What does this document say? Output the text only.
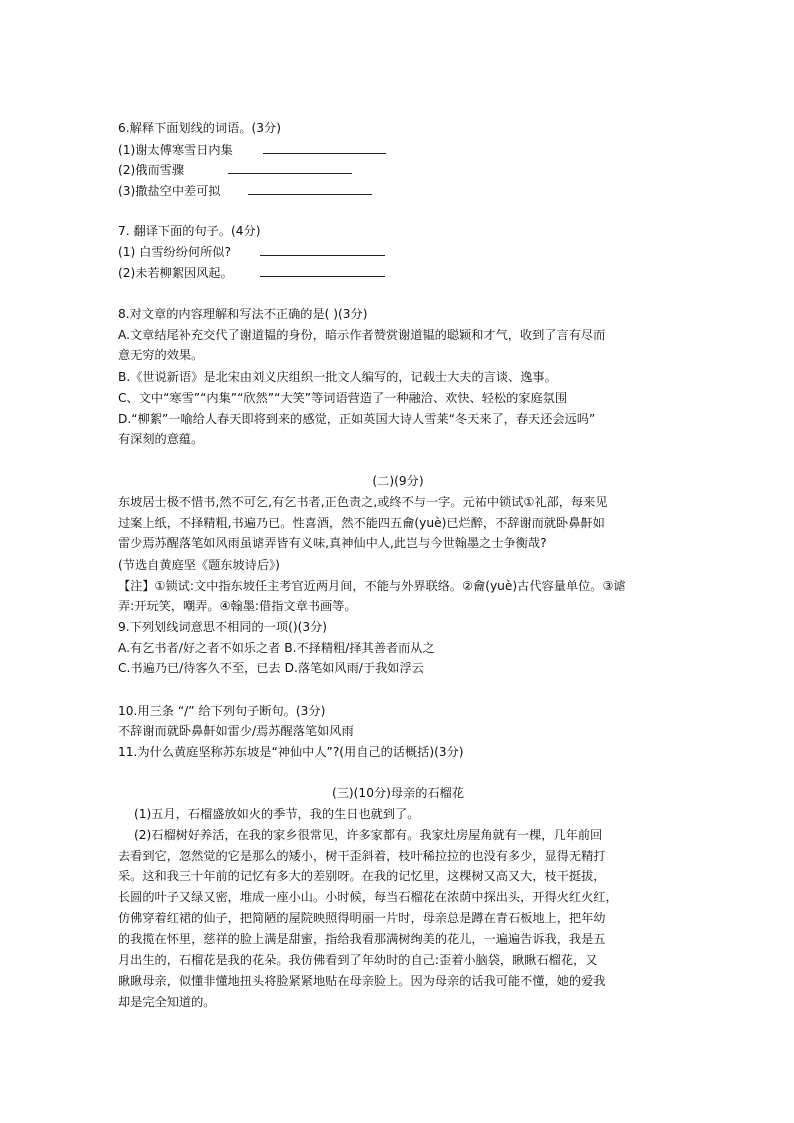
6.解释下面划线的词语。(3分)
(1)谢太傅寒雪日内集
(2)俄而雪骤
(3)撒盐空中差可拟
7. 翻译下面的句子。(4分)
(1) 白雪纷纷何所似?
(2)未若柳絮因风起。
8.对文章的内容理解和写法不正确的是( )(3分)
A.文章结尾补充交代了谢道韫的身份，暗示作者赞赏谢道韫的聪颖和才气，收到了言有尽而
意无穷的效果。
B.《世说新语》是北宋由刘义庆组织一批文人编写的，记载士大夫的言谈、逸事。
C、文中“寒雪”“内集”“欣然”“大笑”等词语营造了一种融洽、欢快、轻松的家庭氛围
D.“柳絮”一喻给人春天即将到来的感觉，正如英国大诗人雪莱“冬天来了，春天还会远吗”
有深刻的意蕴。
(二)(9分)
东坡居士极不惜书,然不可乞,有乞书者,正色责之,或终不与一字。元祐中锁试①礼部，每来见
过案上纸，不择精粗,书遍乃已。性喜酒，然不能四五龠(yuè)已烂醉，不辞谢而就卧鼻鼾如
雷少焉苏醒落笔如风雨虽谑弄皆有义味,真神仙中人,此岂与今世翰墨之士争衡哉?
(节选自黄庭坚《题东坡诗后》)
【注】①锁试:文中指东坡任主考官近两月间，不能与外界联络。②龠(yuè)古代容量单位。③谑
弄:开玩笑，嘲弄。④翰墨:借指文章书画等。
9.下列划线词意思不相同的一项()(3分)
A.有乞书者/好之者不如乐之者 B.不择精粗/择其善者而从之
C.书遍乃已/待客久不至，已去 D.落笔如风雨/于我如浮云
10.用三条 “/” 给下列句子断句。(3分)
不辞谢而就卧鼻鼾如雷少/焉苏醒落笔如风雨
11.为什么黄庭坚称苏东坡是“神仙中人”?(用自己的话概括)(3分)
(三)(10分)母亲的石榴花
(1)五月，石榴盛放如火的季节，我的生日也就到了。
(2)石榴树好养活，在我的家乡很常见，许多家都有。我家灶房屋角就有一棵，几年前回
去看到它，忽然觉的它是那么的矮小，树干歪斜着，枝叶稀拉拉的也没有多少，显得无精打
采。这和我三十年前的记忆有多大的差别呀。在我的记忆里，这棵树又高又大，枝干挺拔，
长圆的叶子又绿又密，堆成一座小山。小时候，每当石榴花在浓荫中探出头，开得火红火红，
仿佛穿着红裙的仙子，把简陋的屋院映照得明丽一片时，母亲总是蹲在青石板地上，把年幼
的我揽在怀里，慈祥的脸上满是甜蜜，指给我看那满树绚美的花儿，一遍遍告诉我，我是五
月出生的，石榴花是我的花朵。我仿佛看到了年幼时的自己:歪着小脑袋，瞅瞅石榴花，又
瞅瞅母亲，似懂非懂地扭头将脸紧紧地贴在母亲脸上。因为母亲的话我可能不懂，她的爱我
却是完全知道的。
